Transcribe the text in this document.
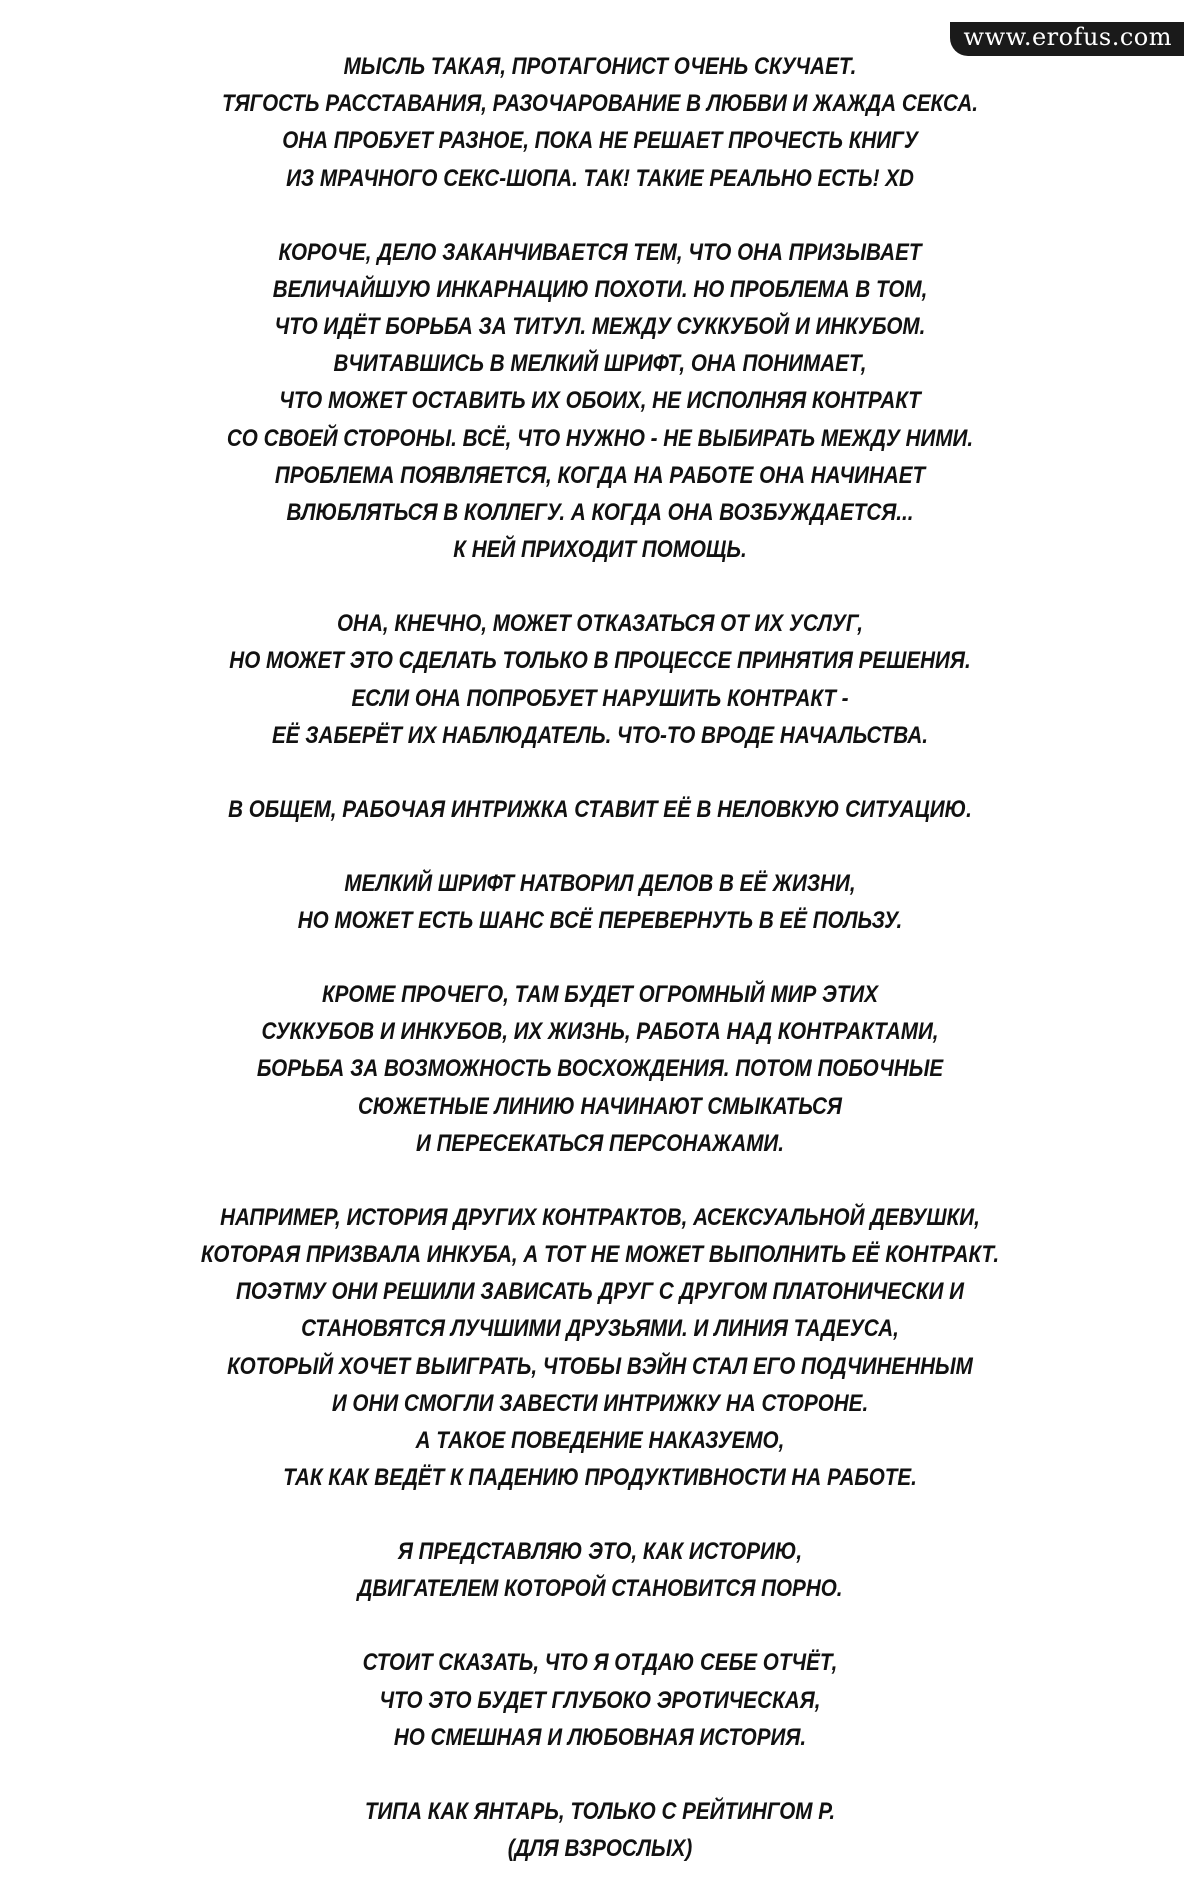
www.erofus.com
МЫСЛЬ ТАКАЯ, ПРОТАГОНИСТ ОЧЕНЬ СКУЧАЕТ.
ТЯГОСТЬ РАССТАВАНИЯ, РАЗОЧАРОВАНИЕ В ЛЮБВИ И ЖАЖДА СЕКСА.
ОНА ПРОБУЕТ РАЗНОЕ, ПОКА НЕ РЕШАЕТ ПРОЧЕСТЬ КНИГУ
ИЗ МРАЧНОГО СЕКС-ШОПА. ТАК! ТАКИЕ РЕАЛЬНО ЕСТЬ! XD
КОРОЧЕ, ДЕЛО ЗАКАНЧИВАЕТСЯ ТЕМ, ЧТО ОНА ПРИЗЫВАЕТ
ВЕЛИЧАЙШУЮ ИНКАРНАЦИЮ ПОХОТИ. НО ПРОБЛЕМА В ТОМ,
ЧТО ИДЁТ БОРЬБА ЗА ТИТУЛ. МЕЖДУ СУККУБОЙ И ИНКУБОМ.
ВЧИТАВШИСЬ В МЕЛКИЙ ШРИФТ, ОНА ПОНИМАЕТ,
ЧТО МОЖЕТ ОСТАВИТЬ ИХ ОБОИХ, НЕ ИСПОЛНЯЯ КОНТРАКТ
СО СВОЕЙ СТОРОНЫ. ВСЁ, ЧТО НУЖНО - НЕ ВЫБИРАТЬ МЕЖДУ НИМИ.
ПРОБЛЕМА ПОЯВЛЯЕТСЯ, КОГДА НА РАБОТЕ ОНА НАЧИНАЕТ
ВЛЮБЛЯТЬСЯ В КОЛЛЕГУ. А КОГДА ОНА ВОЗБУЖДАЕТСЯ...
К НЕЙ ПРИХОДИТ ПОМОЩЬ.
ОНА, КНЕЧНО, МОЖЕТ ОТКАЗАТЬСЯ ОТ ИХ УСЛУГ,
НО МОЖЕТ ЭТО СДЕЛАТЬ ТОЛЬКО В ПРОЦЕССЕ ПРИНЯТИЯ РЕШЕНИЯ.
ЕСЛИ ОНА ПОПРОБУЕТ НАРУШИТЬ КОНТРАКТ -
ЕЁ ЗАБЕРЁТ ИХ НАБЛЮДАТЕЛЬ. ЧТО-ТО ВРОДЕ НАЧАЛЬСТВА.
В ОБЩЕМ, РАБОЧАЯ ИНТРИЖКА СТАВИТ ЕЁ В НЕЛОВКУЮ СИТУАЦИЮ.
МЕЛКИЙ ШРИФТ НАТВОРИЛ ДЕЛОВ В ЕЁ ЖИЗНИ,
НО МОЖЕТ ЕСТЬ ШАНС ВСЁ ПЕРЕВЕРНУТЬ В ЕЁ ПОЛЬЗУ.
КРОМЕ ПРОЧЕГО, ТАМ БУДЕТ ОГРОМНЫЙ МИР ЭТИХ
СУККУБОВ И ИНКУБОВ, ИХ ЖИЗНЬ, РАБОТА НАД КОНТРАКТАМИ,
БОРЬБА ЗА ВОЗМОЖНОСТЬ ВОСХОЖДЕНИЯ. ПОТОМ ПОБОЧНЫЕ
СЮЖЕТНЫЕ ЛИНИЮ НАЧИНАЮТ СМЫКАТЬСЯ
И ПЕРЕСЕКАТЬСЯ ПЕРСОНАЖАМИ.
НАПРИМЕР, ИСТОРИЯ ДРУГИХ КОНТРАКТОВ, АСЕКСУАЛЬНОЙ ДЕВУШКИ,
КОТОРАЯ ПРИЗВАЛА ИНКУБА, А ТОТ НЕ МОЖЕТ ВЫПОЛНИТЬ ЕЁ КОНТРАКТ.
ПОЭТМУ ОНИ РЕШИЛИ ЗАВИСАТЬ ДРУГ С ДРУГОМ ПЛАТОНИЧЕСКИ И
СТАНОВЯТСЯ ЛУЧШИМИ ДРУЗЬЯМИ. И ЛИНИЯ ТАДЕУСА,
КОТОРЫЙ ХОЧЕТ ВЫИГРАТЬ, ЧТОБЫ ВЭЙН СТАЛ ЕГО ПОДЧИНЕННЫМ
И ОНИ СМОГЛИ ЗАВЕСТИ ИНТРИЖКУ НА СТОРОНЕ.
А ТАКОЕ ПОВЕДЕНИЕ НАКАЗУЕМО,
ТАК КАК ВЕДЁТ К ПАДЕНИЮ ПРОДУКТИВНОСТИ НА РАБОТЕ.
Я ПРЕДСТАВЛЯЮ ЭТО, КАК ИСТОРИЮ,
ДВИГАТЕЛЕМ КОТОРОЙ СТАНОВИТСЯ ПОРНО.
СТОИТ СКАЗАТЬ, ЧТО Я ОТДАЮ СЕБЕ ОТЧЁТ,
ЧТО ЭТО БУДЕТ ГЛУБОКО ЭРОТИЧЕСКАЯ,
НО СМЕШНАЯ И ЛЮБОВНАЯ ИСТОРИЯ.
ТИПА КАК ЯНТАРЬ, ТОЛЬКО С РЕЙТИНГОМ Р.
(ДЛЯ ВЗРОСЛЫХ)
